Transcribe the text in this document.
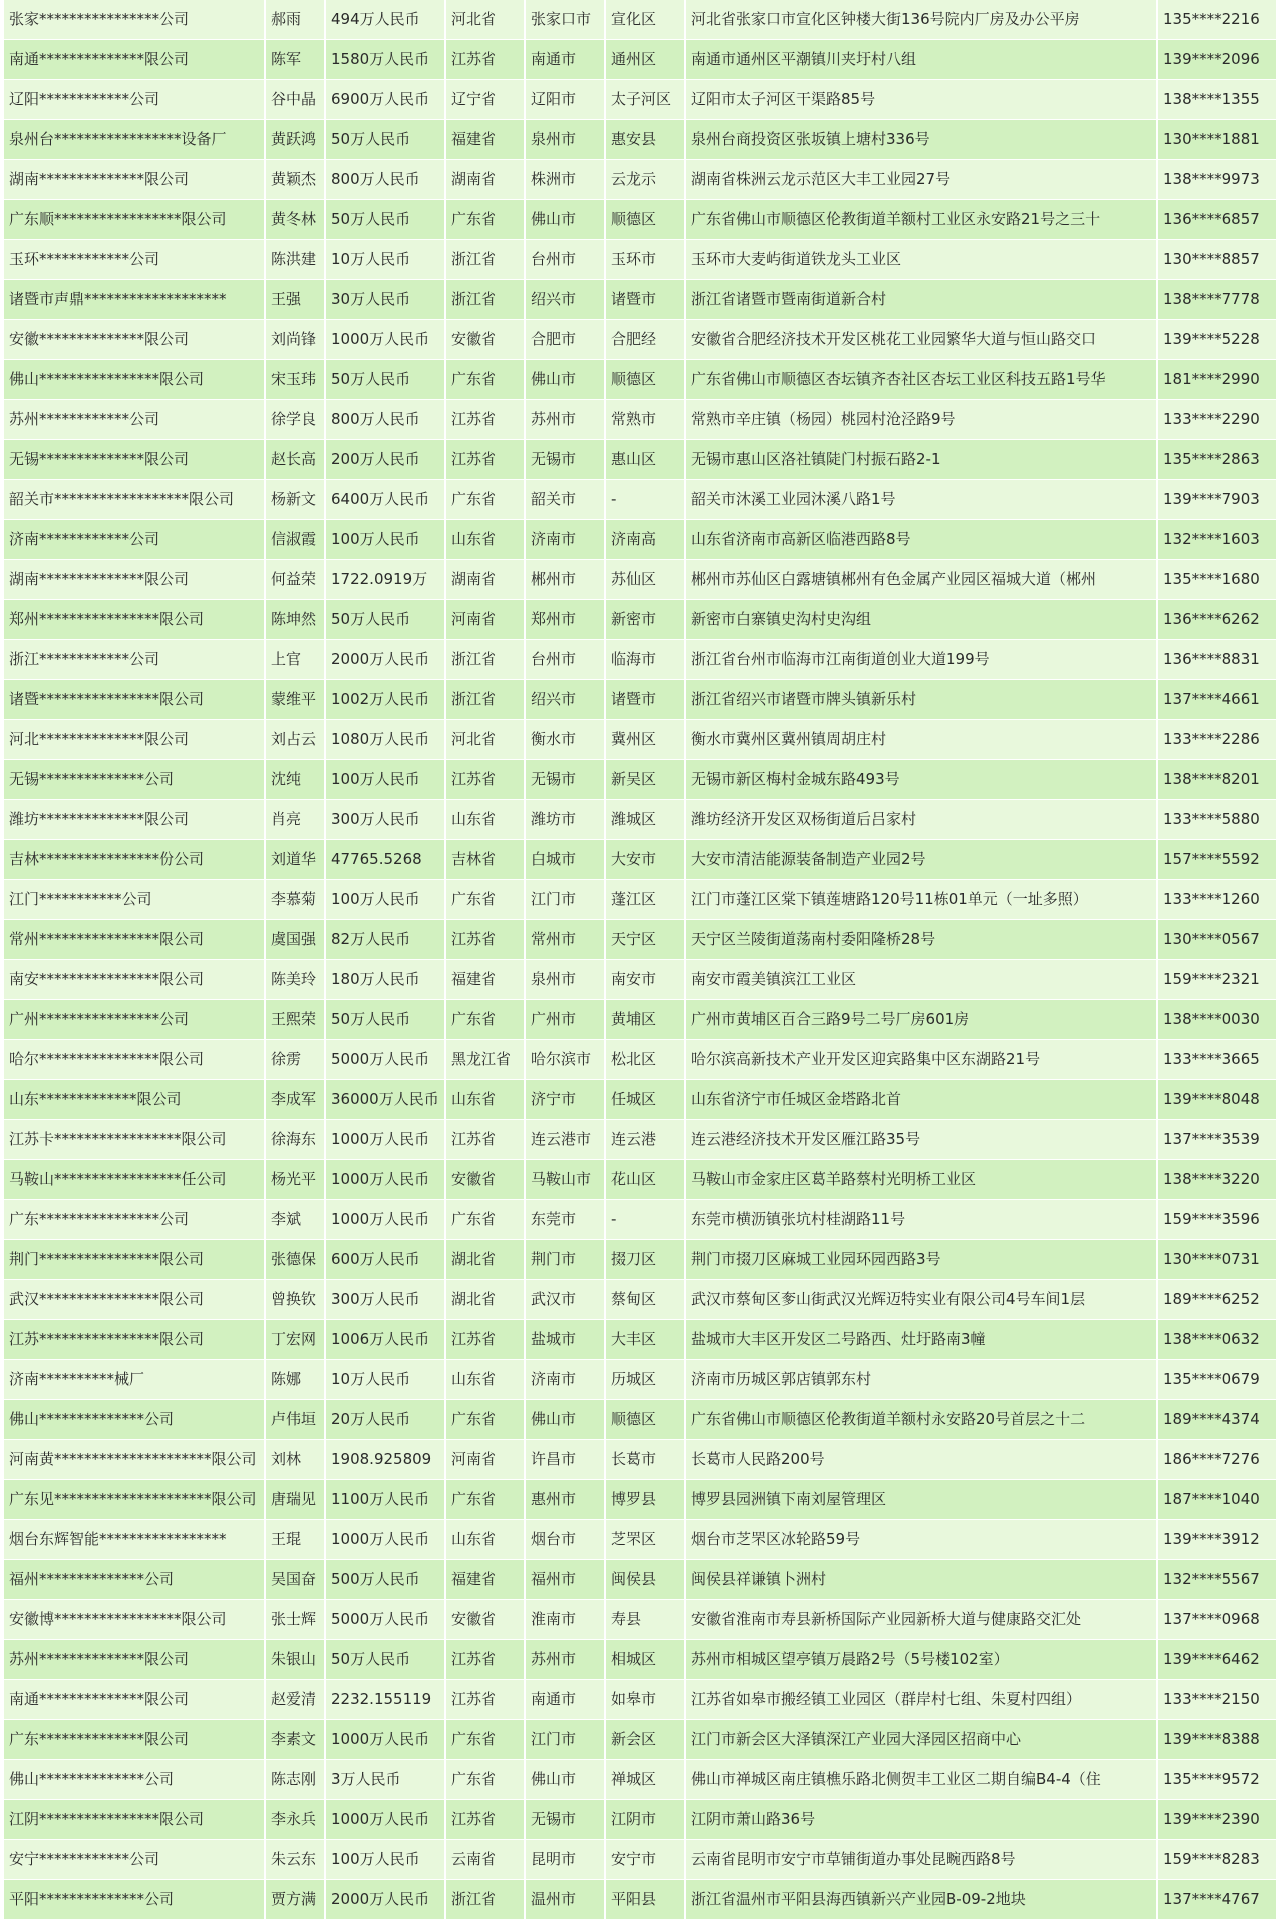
张家****************公司	郝雨	494万人民币	河北省	张家口市	宣化区	河北省张家口市宣化区钟楼大街136号院内厂房及办公平房	135****2216
南通**************限公司	陈军	1580万人民币	江苏省	南通市	通州区	南通市通州区平潮镇川夹圩村八组	139****2096
辽阳************公司	谷中晶 6900万人民币	辽宁省	辽阳市	太子河区	辽阳市太子河区干渠路85号	138****1355
泉州台*****************设备厂	黄跃鸿 50万人民币	福建省	泉州市	惠安县	泉州台商投资区张坂镇上塘村336号	130****1881
湖南**************限公司	黄颖杰 800万人民币	湖南省	株洲市	云龙示	湖南省株洲云龙示范区大丰工业园27号	138****9973
广东顺*****************限公司	黄冬林 50万人民币	广东省	佛山市	顺德区	广东省佛山市顺德区伦教街道羊额村工业区永安路21号之三十	136****6857
玉环************公司	陈洪建 10万人民币	浙江省	台州市	玉环市	玉环市大麦屿街道铁龙头工业区	130****8857
诸暨市声鼎*******************	王强	30万人民币	浙江省	绍兴市	诸暨市	浙江省诸暨市暨南街道新合村	138****7778
安徽**************限公司	刘尚锋 1000万人民币	安徽省	合肥市	合肥经	安徽省合肥经济技术开发区桃花工业园繁华大道与恒山路交口	139****5228
佛山****************限公司	宋玉玮 50万人民币	广东省	佛山市	顺德区	广东省佛山市顺德区杏坛镇齐杏社区杏坛工业区科技五路1号华	181****2990
苏州************公司	徐学良 800万人民币	江苏省	苏州市	常熟市	常熟市辛庄镇（杨园）桃园村沧泾路9号	133****2290
无锡**************限公司	赵长高 200万人民币	江苏省	无锡市	惠山区	无锡市惠山区洛社镇陡门村振石路2-1	135****2863
韶关市******************限公司	杨新文 6400万人民币	广东省	韶关市	-	韶关市沐溪工业园沐溪八路1号	139****7903
济南************公司	信淑霞 100万人民币	山东省	济南市	济南高	山东省济南市高新区临港西路8号	132****1603
湖南**************限公司	何益荣 1722.0919万	湖南省	郴州市	苏仙区	郴州市苏仙区白露塘镇郴州有色金属产业园区福城大道（郴州	135****1680
郑州****************限公司	陈坤然 50万人民币	河南省	郑州市	新密市	新密市白寨镇史沟村史沟组	136****6262
浙江************公司	上官	2000万人民币	浙江省	台州市	临海市	浙江省台州市临海市江南街道创业大道199号	136****8831
诸暨****************限公司	蒙维平 1002万人民币	浙江省	绍兴市	诸暨市	浙江省绍兴市诸暨市牌头镇新乐村	137****4661
河北**************限公司	刘占云 1080万人民币	河北省	衡水市	冀州区	衡水市冀州区冀州镇周胡庄村	133****2286
无锡**************公司	沈纯	100万人民币	江苏省	无锡市	新吴区	无锡市新区梅村金城东路493号	138****8201
潍坊**************限公司	肖亮	300万人民币	山东省	潍坊市	潍城区	潍坊经济开发区双杨街道后吕家村	133****5880
吉林****************份公司	刘道华 47765.5268	吉林省	白城市	大安市	大安市清洁能源装备制造产业园2号	157****5592
江门***********公司	李慕菊 100万人民币	广东省	江门市	蓬江区	江门市蓬江区棠下镇莲塘路120号11栋01单元（一址多照）	133****1260
常州****************限公司	虞国强 82万人民币	江苏省	常州市	天宁区	天宁区兰陵街道荡南村委阳隆桥28号	130****0567
南安****************限公司	陈美玲 180万人民币	福建省	泉州市	南安市	南安市霞美镇滨江工业区	159****2321
广州****************公司	王熙荣 50万人民币	广东省	广州市	黄埔区	广州市黄埔区百合三路9号二号厂房601房	138****0030
哈尔****************限公司	徐雳	5000万人民币	黑龙江省	哈尔滨市	松北区	哈尔滨高新技术产业开发区迎宾路集中区东湖路21号	133****3665
山东*************限公司	李成军 36000万人民币 山东省	济宁市	任城区	山东省济宁市任城区金塔路北首	139****8048
江苏卡*****************限公司	徐海东 1000万人民币	江苏省	连云港市	连云港	连云港经济技术开发区雁江路35号	137****3539
马鞍山*****************任公司	杨光平 1000万人民币	安徽省	马鞍山市	花山区	马鞍山市金家庄区葛羊路蔡村光明桥工业区	138****3220
广东****************公司	李斌	1000万人民币	广东省	东莞市	-	东莞市横沥镇张坑村桂湖路11号	159****3596
荆门****************限公司	张德保 600万人民币	湖北省	荆门市	掇刀区	荆门市掇刀区麻城工业园环园西路3号	130****0731
武汉****************限公司	曾换钦 300万人民币	湖北省	武汉市	蔡甸区	武汉市蔡甸区奓山街武汉光辉迈特实业有限公司4号车间1层	189****6252
江苏****************限公司	丁宏网 1006万人民币	江苏省	盐城市	大丰区	盐城市大丰区开发区二号路西、灶圩路南3幢	138****0632
济南**********械厂	陈娜	10万人民币	山东省	济南市	历城区	济南市历城区郭店镇郭东村	135****0679
佛山**************公司	卢伟垣 20万人民币	广东省	佛山市	顺德区	广东省佛山市顺德区伦教街道羊额村永安路20号首层之十二	189****4374
河南黄*********************限公司 刘林	1908.925809	河南省	许昌市	长葛市	长葛市人民路200号	186****7276
广东见*********************限公司 唐瑞见 1100万人民币	广东省	惠州市	博罗县	博罗县园洲镇下南刘屋管理区	187****1040
烟台东辉智能*****************	王琨	1000万人民币	山东省	烟台市	芝罘区	烟台市芝罘区冰轮路59号	139****3912
福州**************公司	吴国奋 500万人民币	福建省	福州市	闽侯县	闽侯县祥谦镇卜洲村	132****5567
安徽博*****************限公司	张士辉 5000万人民币	安徽省	淮南市	寿县	安徽省淮南市寿县新桥国际产业园新桥大道与健康路交汇处	137****0968
苏州**************限公司	朱银山 50万人民币	江苏省	苏州市	相城区	苏州市相城区望亭镇万晨路2号（5号楼102室）	139****6462
南通**************限公司	赵爱清 2232.155119	江苏省	南通市	如皋市	江苏省如皋市搬经镇工业园区（群岸村七组、朱夏村四组）	133****2150
广东**************限公司	李素文 1000万人民币	广东省	江门市	新会区	江门市新会区大泽镇深江产业园大泽园区招商中心	139****8388
佛山**************公司	陈志刚 3万人民币	广东省	佛山市	禅城区	佛山市禅城区南庄镇樵乐路北侧贺丰工业区二期自编B4-4（住	135****9572
江阴****************限公司	李永兵 1000万人民币	江苏省	无锡市	江阴市	江阴市萧山路36号	139****2390
安宁************公司	朱云东 100万人民币	云南省	昆明市	安宁市	云南省昆明市安宁市草铺街道办事处昆畹西路8号	159****8283
平阳**************公司	贾方满 2000万人民币	浙江省	温州市	平阳县	浙江省温州市平阳县海西镇新兴产业园B-09-2地块	137****4767
